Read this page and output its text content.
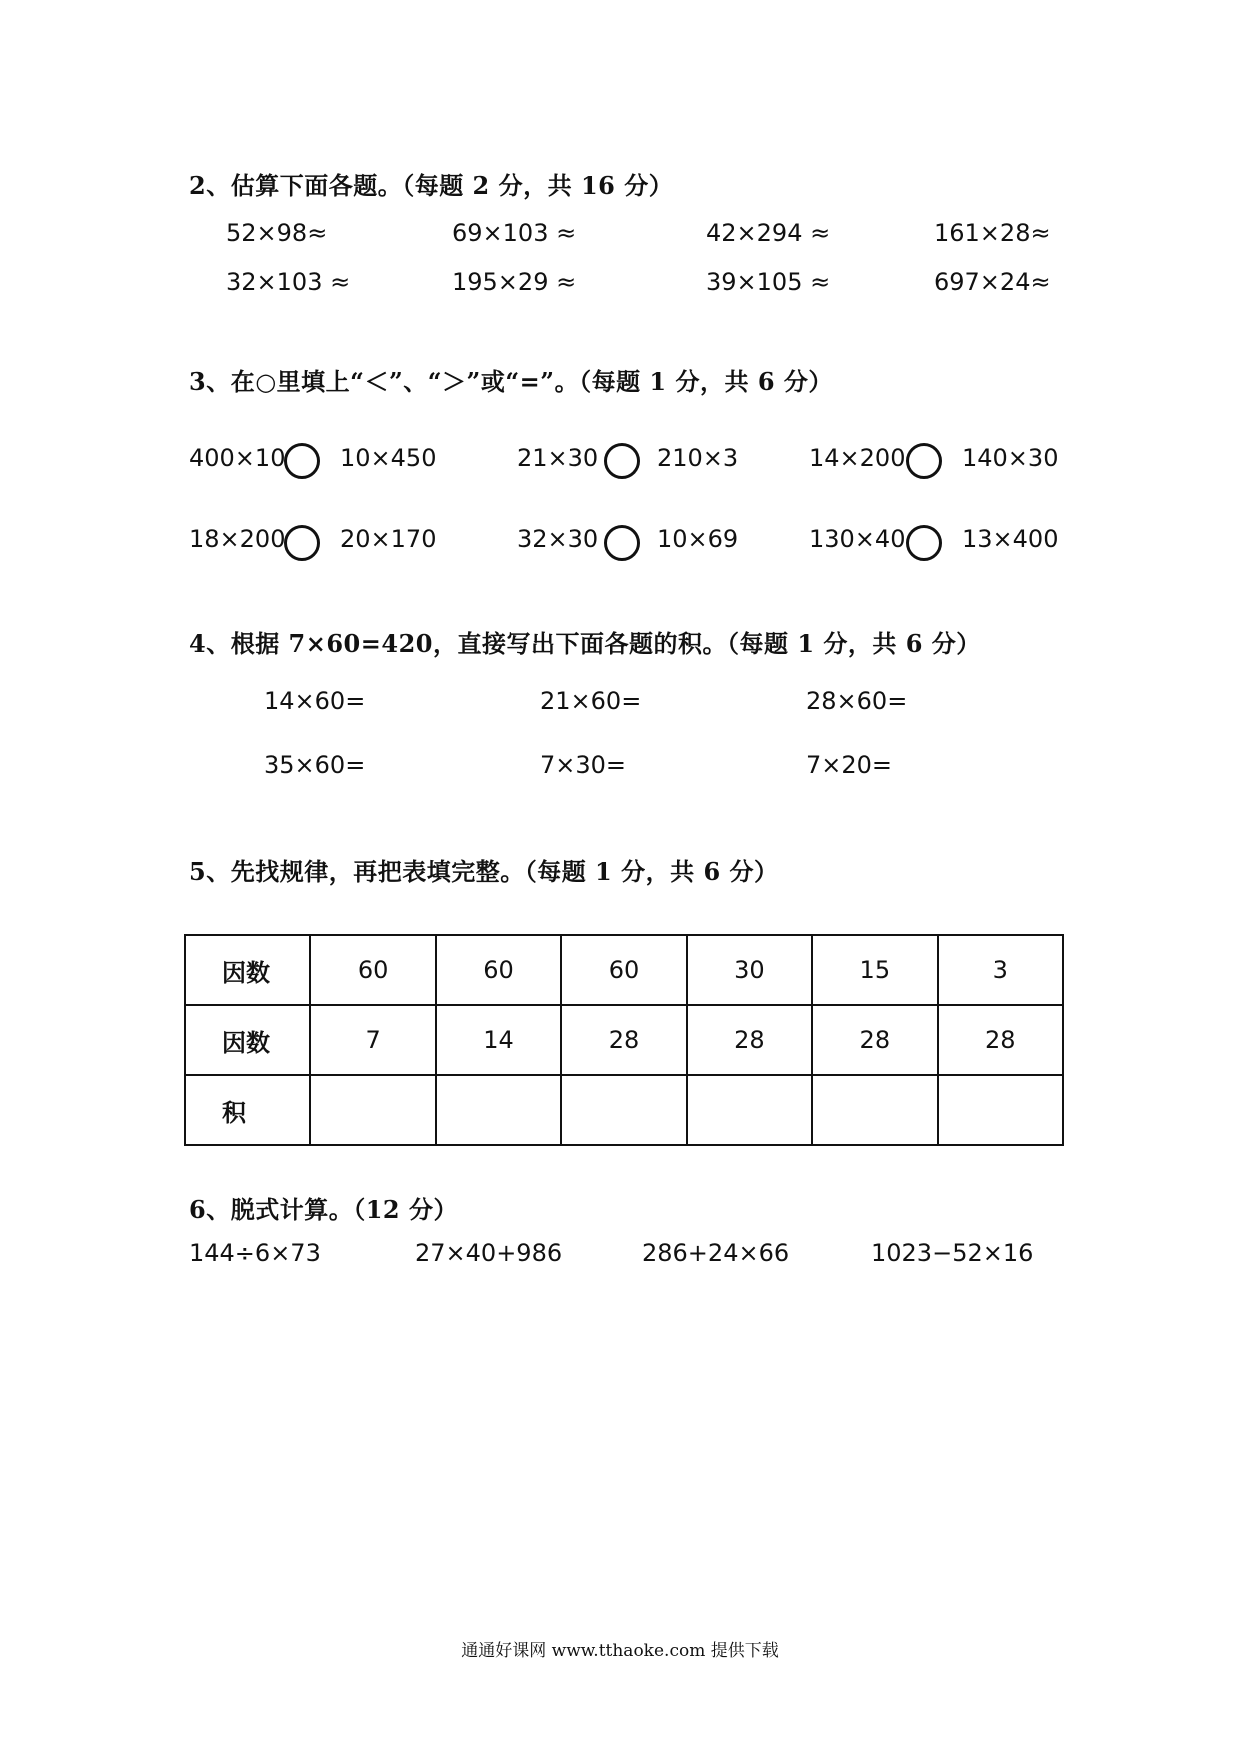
2、估算下面各题。（每题 2 分，共 16 分）
52×98≈	69×103 ≈	42×294 ≈	161×28≈
32×103 ≈	195×29 ≈	39×105 ≈	697×24≈
3、在○里填上“＜”、“＞”或“=”。（每题 1 分，共 6 分）
400×10 10×450	21×30 210×3	14×200 140×30
18×200 20×170	32×30 10×69	130×40 13×400
4、根据 7×60=420，直接写出下面各题的积。（每题 1 分，共 6 分）
14×60=	21×60=	28×60=
35×60=	7×30=	7×20=
5、先找规律，再把表填完整。（每题 1 分，共 6 分）
因数	60	60	60	30	15	3
因数	7	14	28	28	28	28
积						
6、脱式计算。（12 分）
144÷6×73	27×40+986	286+24×66	1023−52×16
通通好课网 www.tthaoke.com 提供下载
